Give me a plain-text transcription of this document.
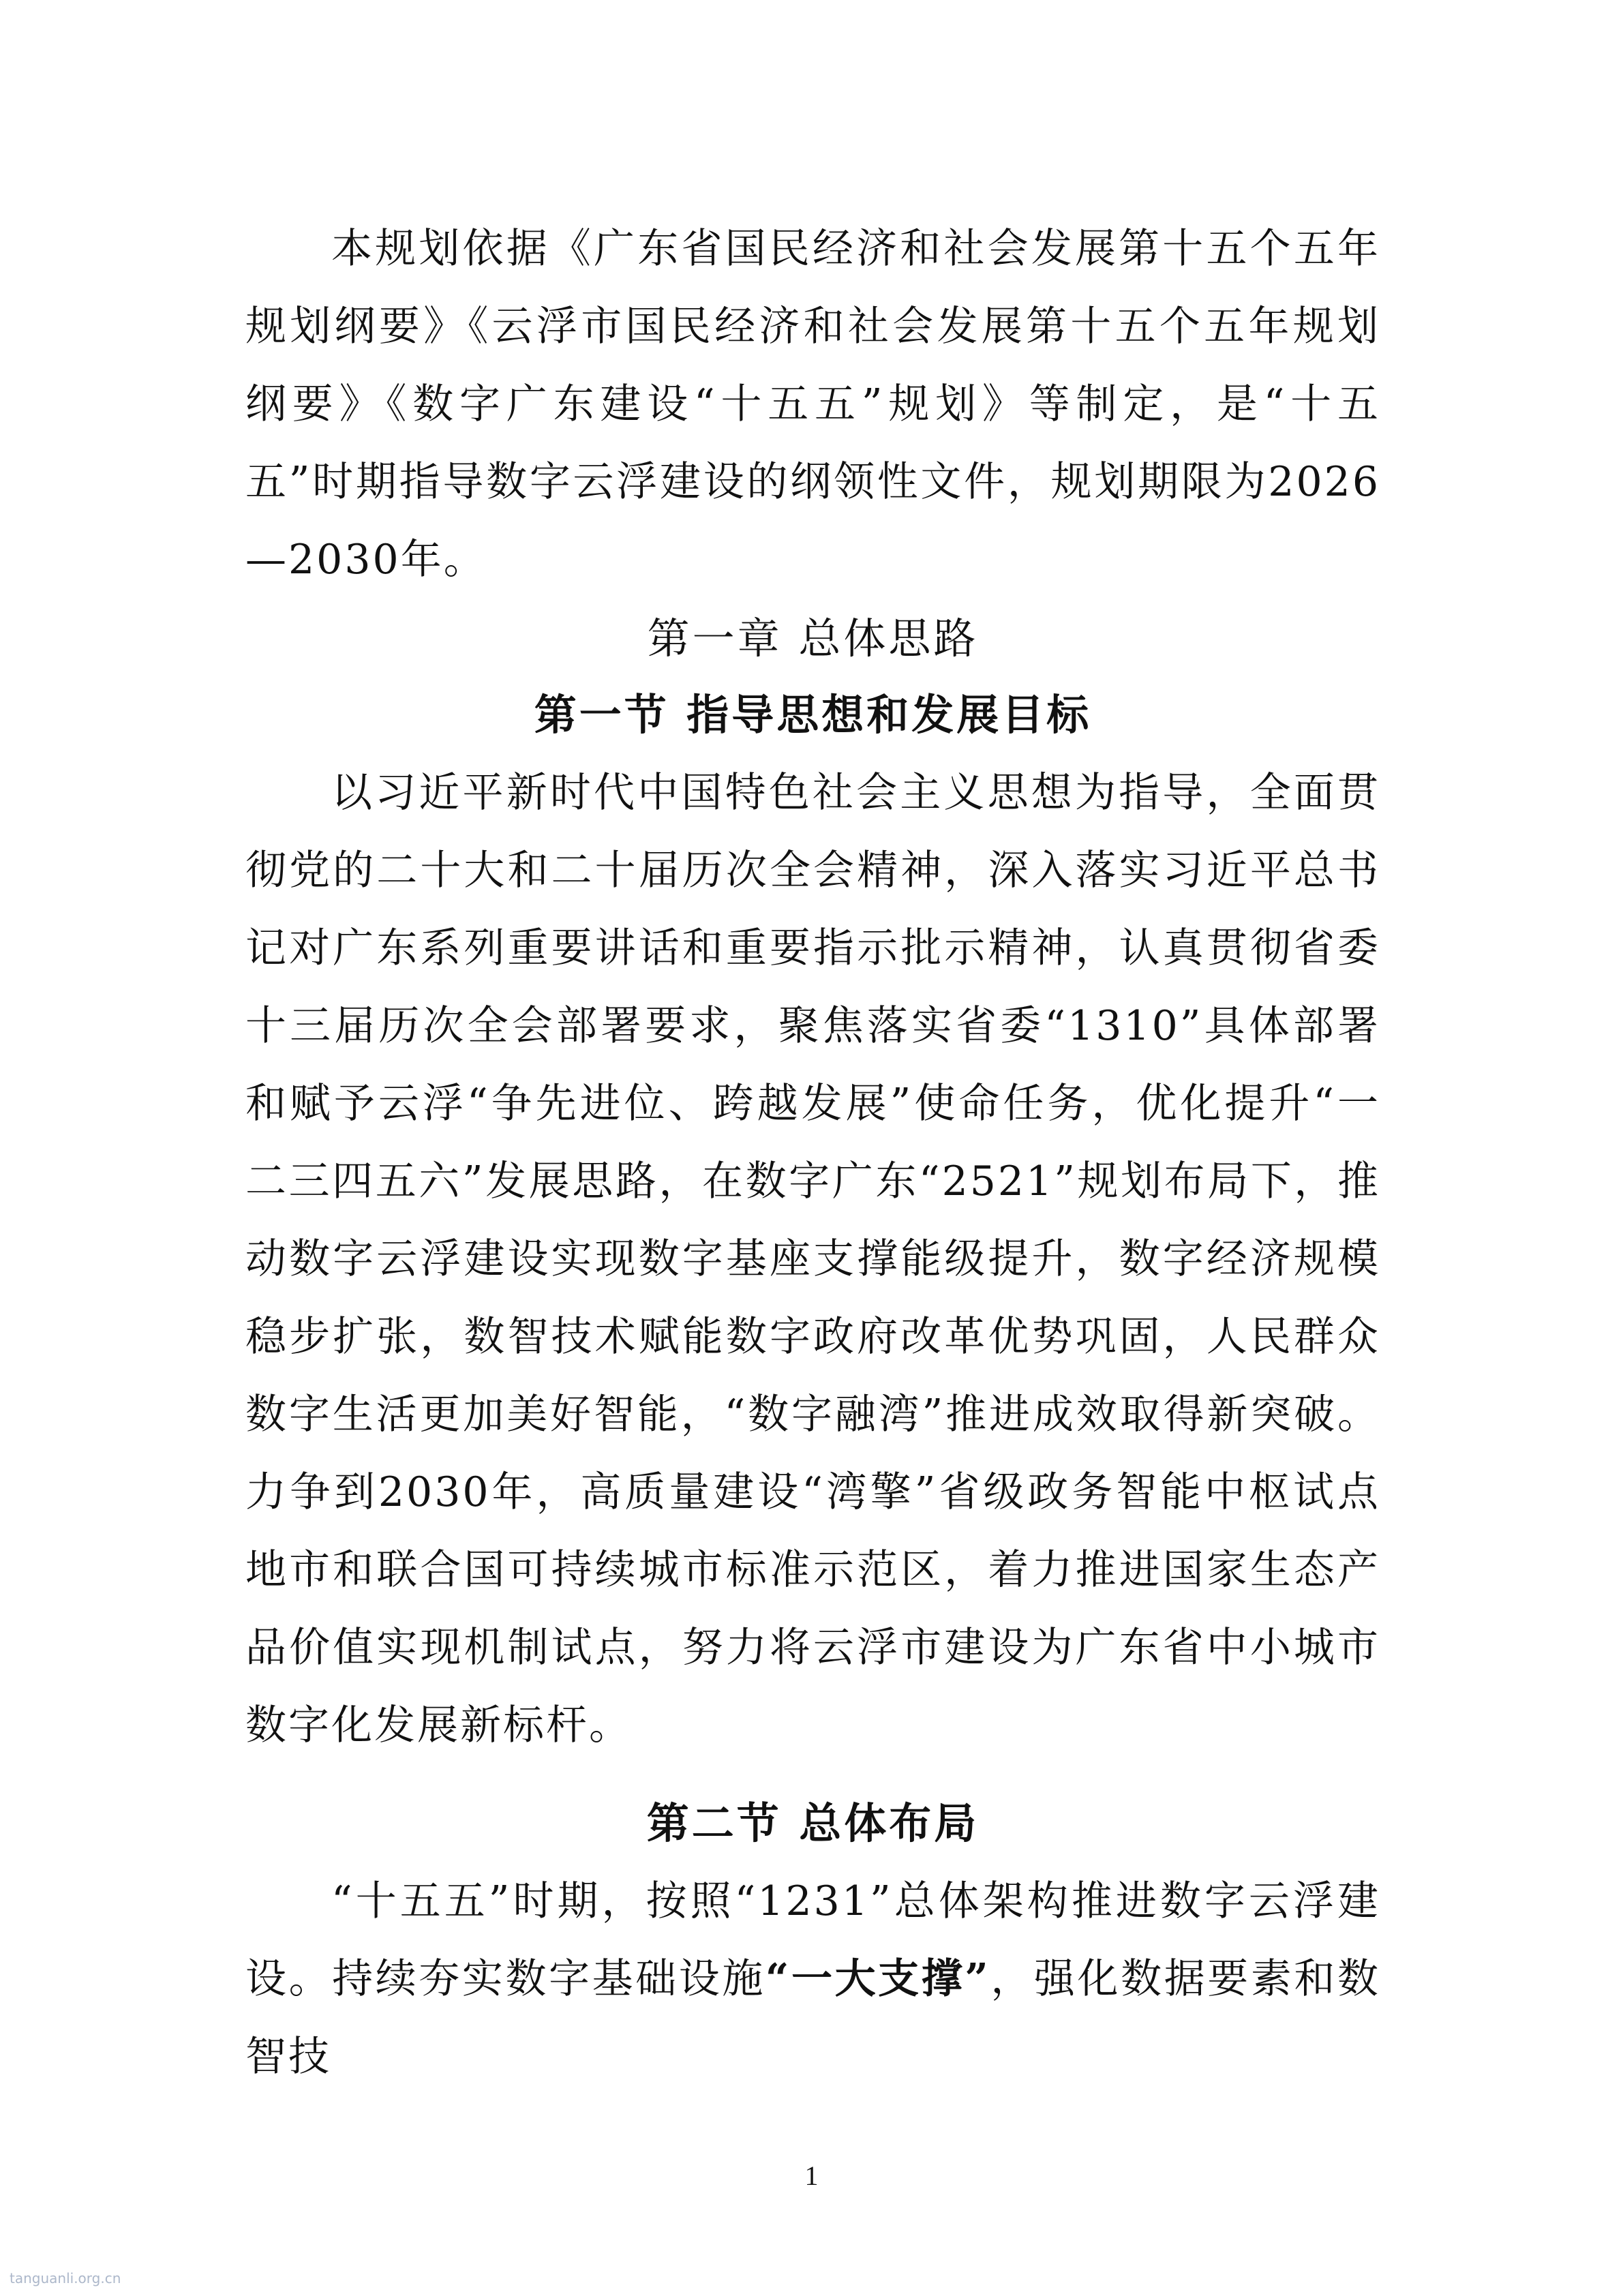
本规划依据《广东省国民经济和社会发展第十五个五年规划纲要》《云浮市国民经济和社会发展第十五个五年规划纲要》《数字广东建设“十五五”规划》等制定，是“十五五”时期指导数字云浮建设的纲领性文件，规划期限为2026—2030年。

第一章 总体思路
第一节 指导思想和发展目标

以习近平新时代中国特色社会主义思想为指导，全面贯彻党的二十大和二十届历次全会精神，深入落实习近平总书记对广东系列重要讲话和重要指示批示精神，认真贯彻省委十三届历次全会部署要求，聚焦落实省委“1310”具体部署和赋予云浮“争先进位、跨越发展”使命任务，优化提升“一二三四五六”发展思路，在数字广东“2521”规划布局下，推动数字云浮建设实现数字基座支撑能级提升，数字经济规模稳步扩张，数智技术赋能数字政府改革优势巩固，人民群众数字生活更加美好智能，“数字融湾”推进成效取得新突破。力争到2030年，高质量建设“湾擎”省级政务智能中枢试点地市和联合国可持续城市标准示范区，着力推进国家生态产品价值实现机制试点，努力将云浮市建设为广东省中小城市数字化发展新标杆。

第二节 总体布局

“十五五”时期，按照“1231”总体架构推进数字云浮建设。持续夯实数字基础设施“一大支撑”，强化数据要素和数智技

1
tanguanli.org.cn
